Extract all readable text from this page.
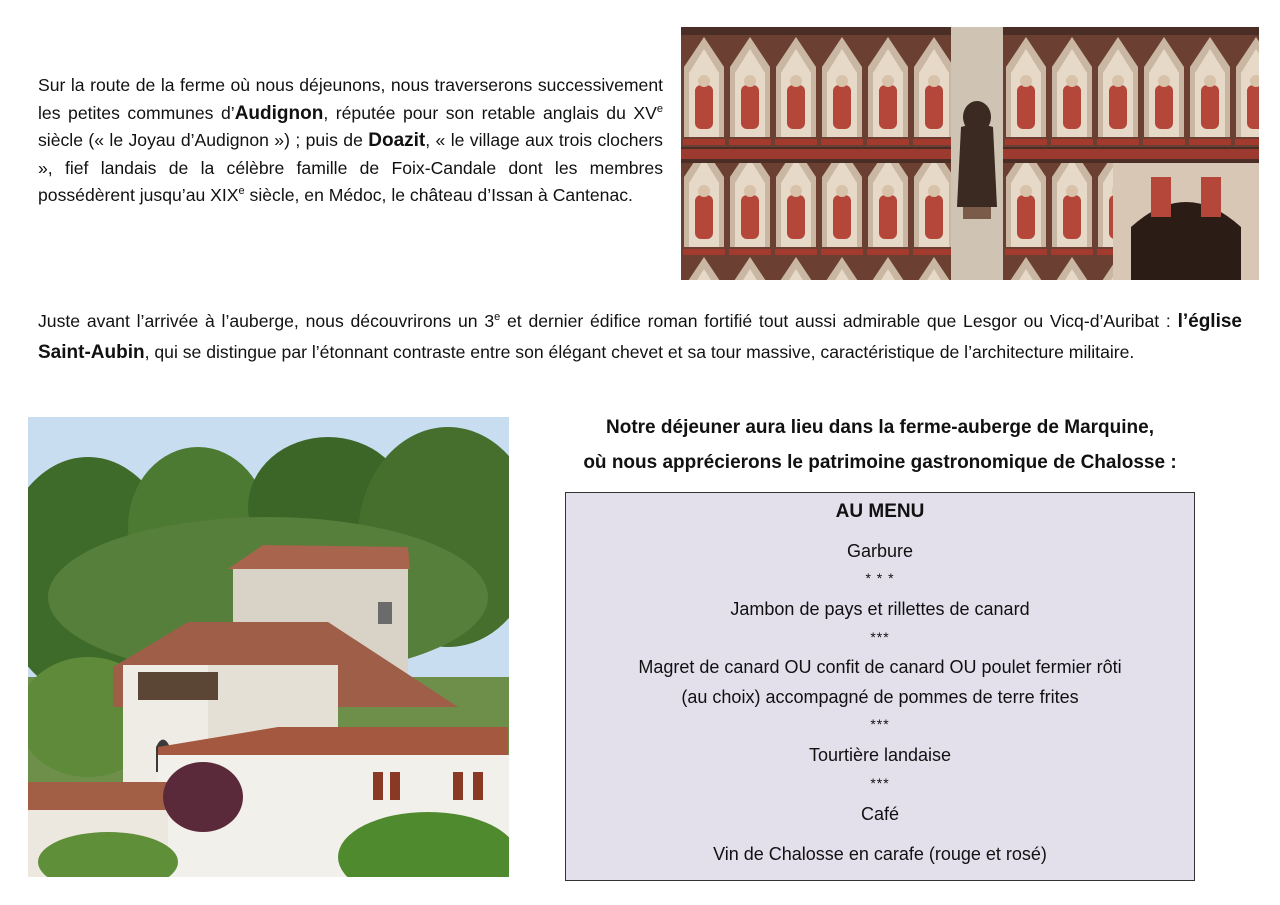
Sur la route de la ferme où nous déjeunons, nous traverserons successivement les petites communes d’Audignon, réputée pour son retable anglais du XVe siècle (« le Joyau d’Audignon ») ; puis de Doazit, « le village aux trois clochers », fief landais de la célèbre famille de Foix-Candale dont les membres possédèrent jusqu’au XIXe siècle, en Médoc, le château d’Issan à Cantenac.

Juste avant l’arrivée à l’auberge, nous découvrirons un 3e et dernier édifice roman fortifié tout aussi admirable que Lesgor ou Vicq-d’Auribat : l’église Saint-Aubin, qui se distingue par l’étonnant contraste entre son élégant chevet et sa tour massive, caractéristique de l’architecture militaire.

Notre déjeuner aura lieu dans la ferme-auberge de Marquine,

où nous apprécierons le patrimoine gastronomique de Chalosse :

AU MENU
Garbure
* * *
Jambon de pays et rillettes de canard
***
Magret de canard OU confit de canard OU poulet fermier rôti
(au choix) accompagné de pommes de terre frites
***
Tourtière landaise
***
Café
Vin de Chalosse en carafe (rouge et rosé)
